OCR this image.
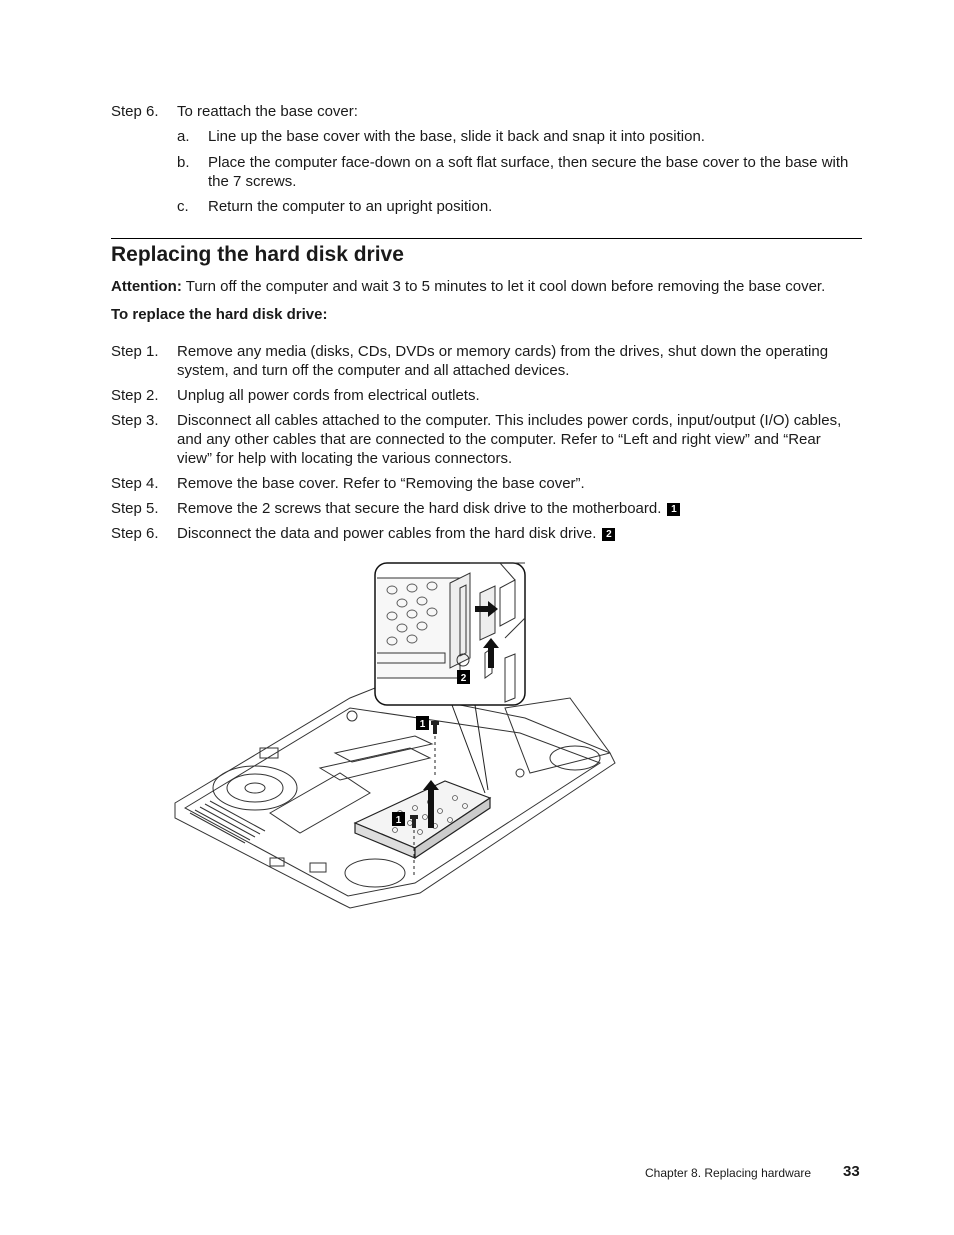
Step 6. To reattach the base cover:
a. Line up the base cover with the base, slide it back and snap it into position.
b. Place the computer face-down on a soft flat surface, then secure the base cover to the base with the 7 screws.
c. Return the computer to an upright position.
Replacing the hard disk drive
Attention: Turn off the computer and wait 3 to 5 minutes to let it cool down before removing the base cover.
To replace the hard disk drive:
Step 1. Remove any media (disks, CDs, DVDs or memory cards) from the drives, shut down the operating system, and turn off the computer and all attached devices.
Step 2. Unplug all power cords from electrical outlets.
Step 3. Disconnect all cables attached to the computer. This includes power cords, input/output (I/O) cables, and any other cables that are connected to the computer. Refer to “Left and right view” and “Rear view” for help with locating the various connectors.
Step 4. Remove the base cover. Refer to “Removing the base cover”.
Step 5. Remove the 2 screws that secure the hard disk drive to the motherboard. 1
Step 6. Disconnect the data and power cables from the hard disk drive. 2
1
1
2
Chapter 8. Replacing hardware 33
